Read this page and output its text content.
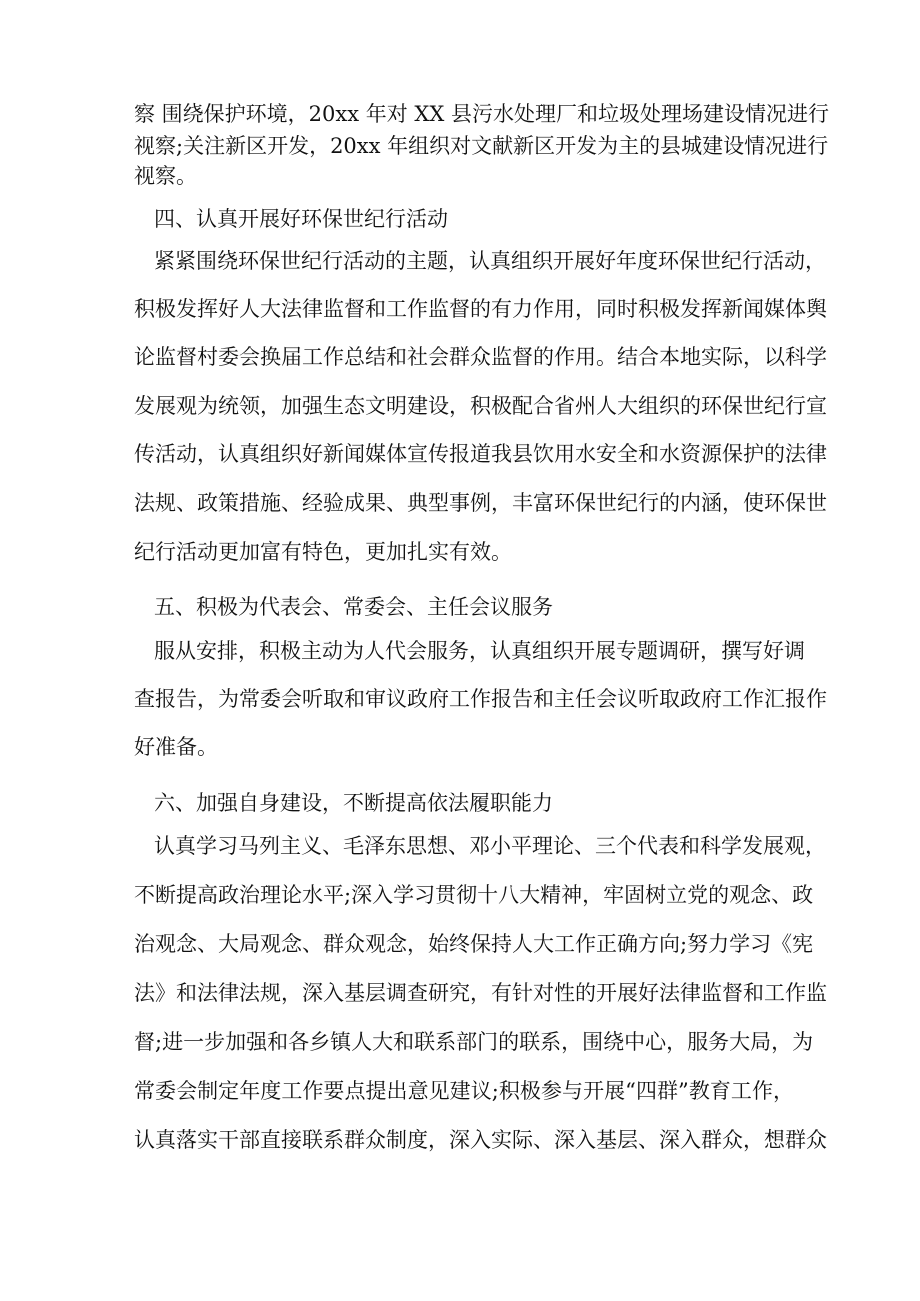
察 围绕保护环境，20xx 年对 XX 县污水处理厂和垃圾处理场建设情况进行
视察;关注新区开发，20xx 年组织对文献新区开发为主的县城建设情况进行
视察。
四、认真开展好环保世纪行活动
紧紧围绕环保世纪行活动的主题，认真组织开展好年度环保世纪行活动，
积极发挥好人大法律监督和工作监督的有力作用，同时积极发挥新闻媒体舆
论监督村委会换届工作总结和社会群众监督的作用。结合本地实际，以科学
发展观为统领，加强生态文明建设，积极配合省州人大组织的环保世纪行宣
传活动，认真组织好新闻媒体宣传报道我县饮用水安全和水资源保护的法律
法规、政策措施、经验成果、典型事例，丰富环保世纪行的内涵，使环保世
纪行活动更加富有特色，更加扎实有效。
五、积极为代表会、常委会、主任会议服务
服从安排，积极主动为人代会服务，认真组织开展专题调研，撰写好调
查报告，为常委会听取和审议政府工作报告和主任会议听取政府工作汇报作
好准备。
六、加强自身建设，不断提高依法履职能力
认真学习马列主义、毛泽东思想、邓小平理论、三个代表和科学发展观，
不断提高政治理论水平;深入学习贯彻十八大精神，牢固树立党的观念、政
治观念、大局观念、群众观念，始终保持人大工作正确方向;努力学习《宪
法》和法律法规，深入基层调查研究，有针对性的开展好法律监督和工作监
督;进一步加强和各乡镇人大和联系部门的联系，围绕中心，服务大局，为
常委会制定年度工作要点提出意见建议;积极参与开展“四群”教育工作，
认真落实干部直接联系群众制度，深入实际、深入基层、深入群众，想群众
